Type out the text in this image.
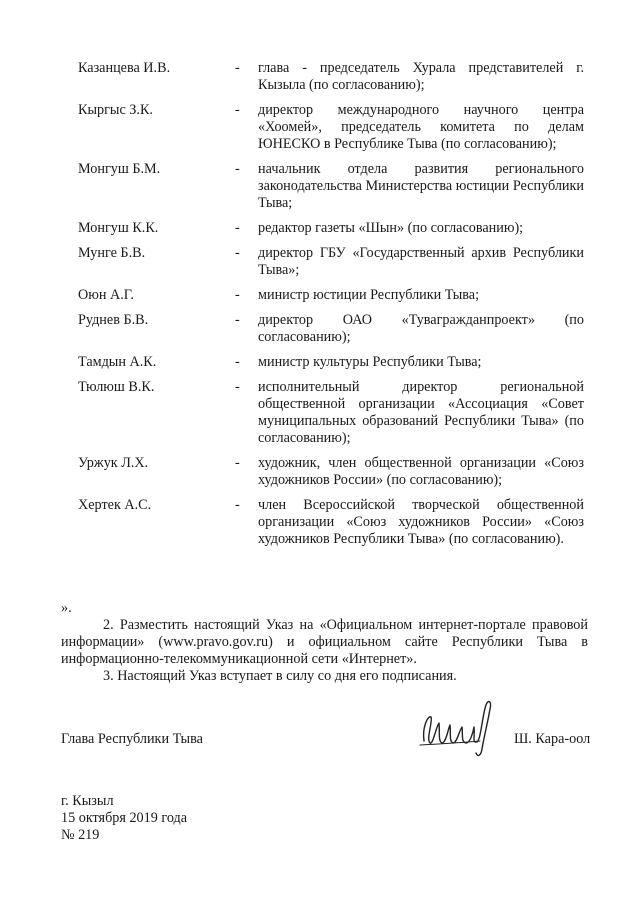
Казанцева И.В.	-	глава - председатель Хурала представителей г. Кызыла (по согласованию);
Кыргыс З.К.	-	директор международного научного центра «Хоомей», председатель комитета по делам ЮНЕСКО в Республике Тыва (по согласованию);
Монгуш Б.М.	-	начальник отдела развития регионального законодательства Министерства юстиции Республики Тыва;
Монгуш К.К.	-	редактор газеты «Шын» (по согласованию);
Мунге Б.В.	-	директор ГБУ «Государственный архив Республики Тыва»;
Оюн А.Г.	-	министр юстиции Республики Тыва;
Руднев Б.В.	-	директор ОАО «Тувагражданпроект» (по согласованию);
Тамдын А.К.	-	министр культуры Республики Тыва;
Тюлюш В.К.	-	исполнительный директор региональной общественной организации «Ассоциация «Совет муниципальных образований Республики Тыва» (по согласованию);
Уржук Л.Х.	-	художник, член общественной организации «Союз художников России» (по согласованию);
Хертек А.С.	-	член Всероссийской творческой общественной организации «Союз художников России» «Союз художников Республики Тыва» (по согласованию).
».
2. Разместить настоящий Указ на «Официальном интернет-портале правовой информации» (www.pravo.gov.ru) и официальном сайте Республики Тыва в информационно-телекоммуникационной сети «Интернет».
3. Настоящий Указ вступает в силу со дня его подписания.
Глава Республики Тыва	Ш. Кара-оол
г. Кызыл
15 октября 2019 года
№ 219
